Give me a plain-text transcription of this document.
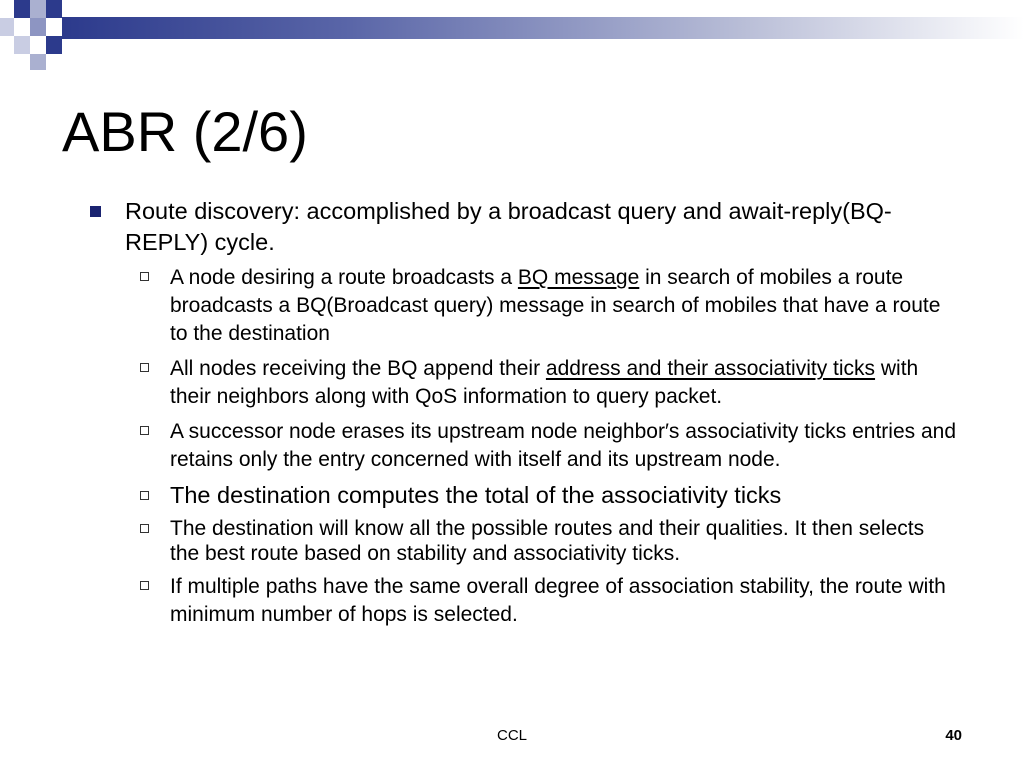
ABR (2/6)
Route discovery: accomplished by a broadcast query and await-reply(BQ-REPLY) cycle.
A node desiring a route broadcasts a BQ message in search of mobiles a route broadcasts a BQ(Broadcast query) message in search of mobiles that have a route to the destination
All nodes receiving the BQ append their address and their associativity ticks with their neighbors along with QoS information to query packet.
A successor node erases its upstream node neighbor′s associativity ticks entries and retains only the entry concerned with itself and its upstream node.
The destination computes the total of the associativity ticks
The destination will know all the possible routes and their qualities. It then selects the best route based on stability and associativity ticks.
If multiple paths have the same overall degree of association stability, the route with minimum number of hops is selected.
CCL	40
